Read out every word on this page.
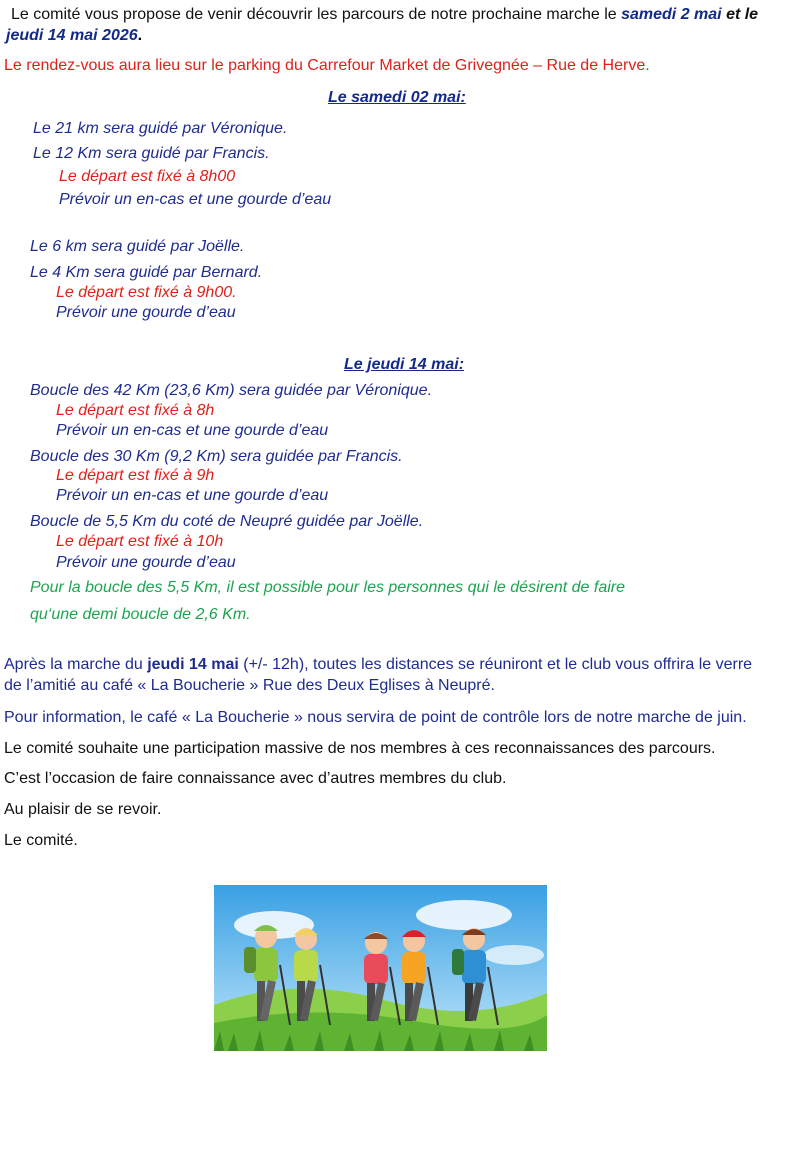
Le comité vous propose de venir découvrir les parcours de notre prochaine marche le samedi 2 mai et le
jeudi 14 mai 2026.
Le rendez-vous aura lieu sur le parking du Carrefour Market de Grivegnée – Rue de Herve.
Le samedi 02 mai:
Le 21 km sera guidé par Véronique.
Le 12 Km sera guidé par Francis.
Le départ est fixé à 8h00
Prévoir un en-cas et une gourde d’eau
Le 6 km sera guidé par Joëlle.
Le 4 Km sera guidé par Bernard.
Le départ est fixé à 9h00.
Prévoir une gourde d’eau
Le jeudi 14 mai:
Boucle des 42 Km (23,6 Km) sera guidée par Véronique.
Le départ est fixé à 8h
Prévoir un en-cas et une gourde d’eau
Boucle des 30 Km (9,2 Km) sera guidée par Francis.
Le départ est fixé à 9h
Prévoir un en-cas et une gourde d’eau
Boucle de 5,5 Km du coté de Neupré guidée par Joëlle.
Le départ est fixé à 10h
Prévoir une gourde d’eau
Pour la boucle des 5,5 Km, il est possible pour les personnes qui le désirent de faire
qu‘une demi boucle de 2,6 Km.
Après la marche du jeudi 14 mai (+/- 12h), toutes les distances se réuniront et le club vous offrira le verre
de l’amitié au café « La Boucherie » Rue des Deux Eglises à Neupré.
Pour information, le café « La Boucherie » nous servira de point de contrôle lors de notre marche de juin.
Le comité souhaite une participation massive de nos membres à ces reconnaissances des parcours.
C’est l’occasion de faire connaissance avec d’autres membres du club.
Au plaisir de se revoir.
Le comité.
